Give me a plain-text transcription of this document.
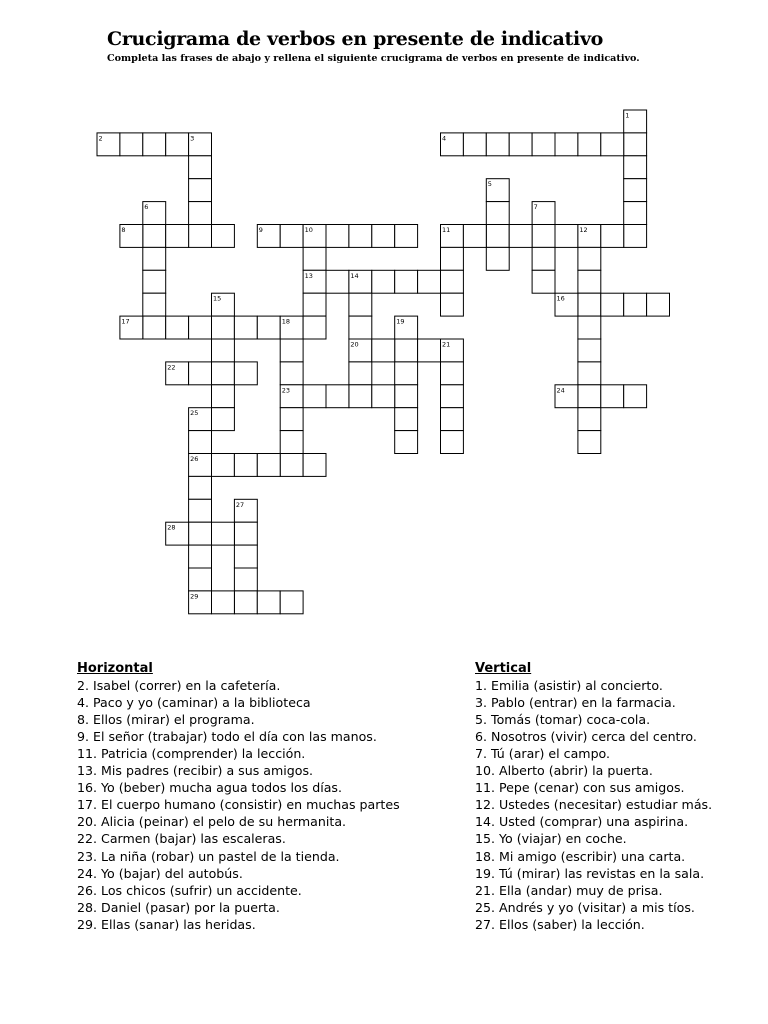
Crucigrama de verbos en presente de indicativo
Completa las frases de abajo y rellena el siguiente crucigrama de verbos en presente de indicativo.
1
2	3	4
5
6	7
8	9	10	11	12
13	14
15	16
17	18	19
20	21
22
23	24
25
26
27
28
29
Horizontal
2. Isabel (correr) en la cafetería.
4. Paco y yo (caminar) a la biblioteca
8. Ellos (mirar) el programa.
9. El señor (trabajar) todo el día con las manos.
11. Patricia (comprender) la lección.
13. Mis padres (recibir) a sus amigos.
16. Yo (beber) mucha agua todos los días.
17. El cuerpo humano (consistir) en muchas partes
20. Alicia (peinar) el pelo de su hermanita.
22. Carmen (bajar) las escaleras.
23. La niña (robar) un pastel de la tienda.
24. Yo (bajar) del autobús.
26. Los chicos (sufrir) un accidente.
28. Daniel (pasar) por la puerta.
29. Ellas (sanar) las heridas.
Vertical
1. Emilia (asistir) al concierto.
3. Pablo (entrar) en la farmacia.
5. Tomás (tomar) coca-cola.
6. Nosotros (vivir) cerca del centro.
7. Tú (arar) el campo.
10. Alberto (abrir) la puerta.
11. Pepe (cenar) con sus amigos.
12. Ustedes (necesitar) estudiar más.
14. Usted (comprar) una aspirina.
15. Yo (viajar) en coche.
18. Mi amigo (escribir) una carta.
19. Tú (mirar) las revistas en la sala.
21. Ella (andar) muy de prisa.
25. Andrés y yo (visitar) a mis tíos.
27. Ellos (saber) la lección.
